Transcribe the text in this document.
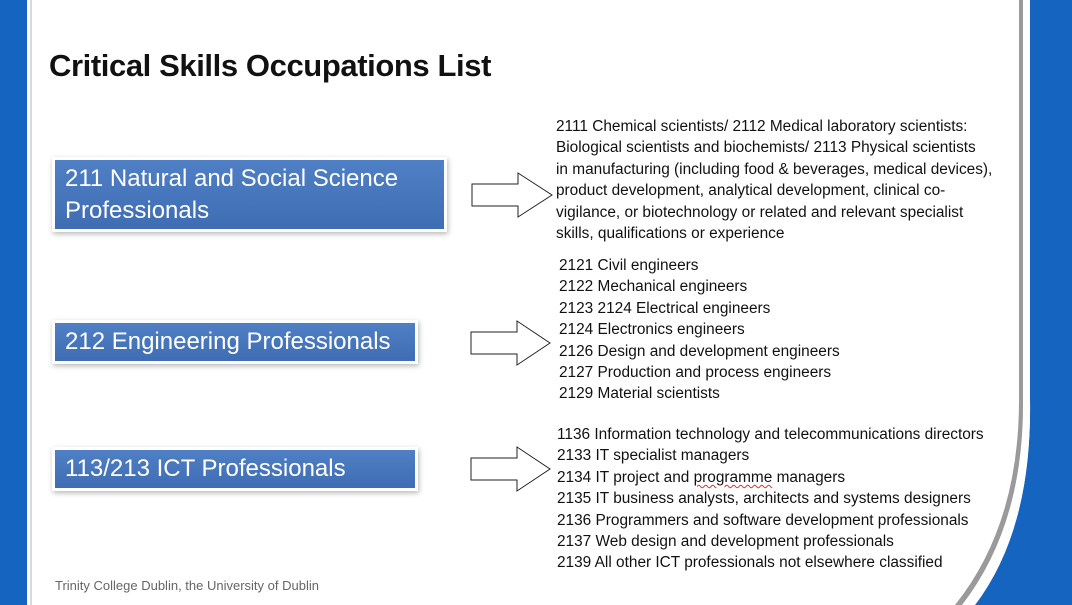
Critical Skills Occupations List
211 Natural and Social Science Professionals
2111 Chemical scientists/ 2112 Medical laboratory scientists:
Biological scientists and biochemists/ 2113 Physical scientists
in manufacturing (including food & beverages, medical devices),
product development, analytical development, clinical co-
vigilance, or biotechnology or related and relevant specialist
skills, qualifications or experience
212 Engineering Professionals
2121 Civil engineers
2122 Mechanical engineers
2123 2124 Electrical engineers
2124 Electronics engineers
2126 Design and development engineers
2127 Production and process engineers
2129 Material scientists
113/213 ICT Professionals
1136 Information technology and telecommunications directors
2133 IT specialist managers
2134 IT project and programme managers
2135 IT business analysts, architects and systems designers
2136 Programmers and software development professionals
2137 Web design and development professionals
2139 All other ICT professionals not elsewhere classified
Trinity College Dublin, the University of Dublin
